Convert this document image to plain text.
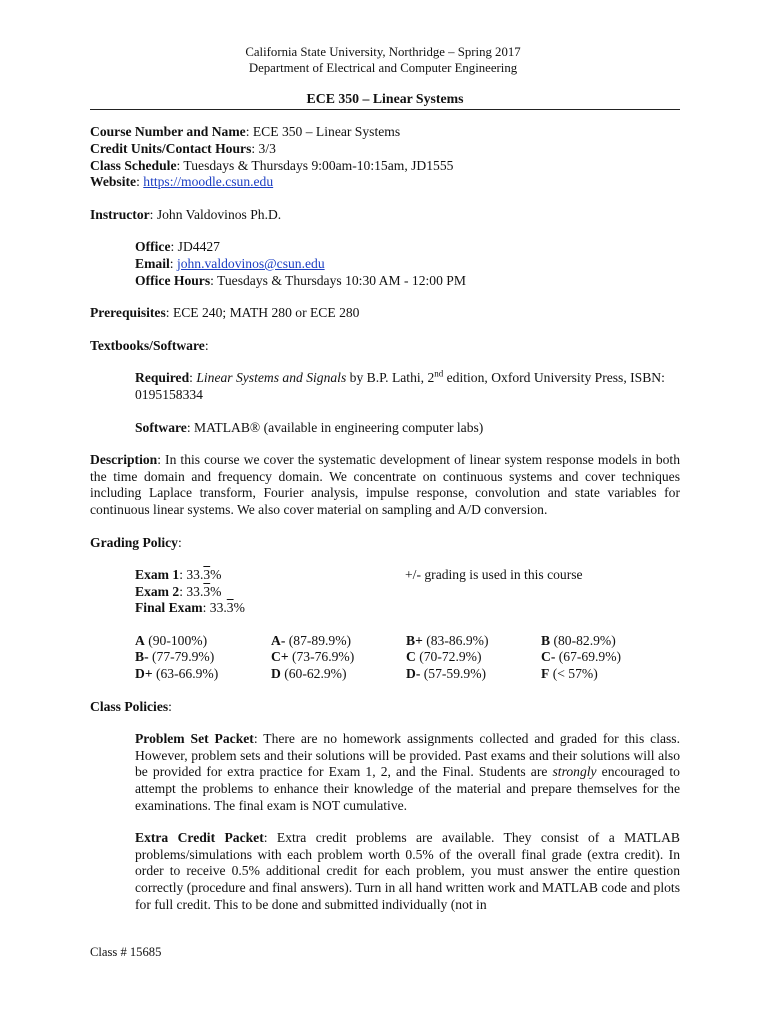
California State University, Northridge – Spring 2017
Department of Electrical and Computer Engineering
ECE 350 – Linear Systems
Course Number and Name: ECE 350 – Linear Systems
Credit Units/Contact Hours: 3/3
Class Schedule: Tuesdays & Thursdays 9:00am-10:15am, JD1555
Website: https://moodle.csun.edu
Instructor: John Valdovinos Ph.D.
Office: JD4427
Email: john.valdovinos@csun.edu
Office Hours: Tuesdays & Thursdays 10:30 AM - 12:00 PM
Prerequisites: ECE 240; MATH 280 or ECE 280
Textbooks/Software:
Required: Linear Systems and Signals by B.P. Lathi, 2nd edition, Oxford University Press, ISBN: 0195158334
Software: MATLAB® (available in engineering computer labs)
Description: In this course we cover the systematic development of linear system response models in both the time domain and frequency domain. We concentrate on continuous systems and cover techniques including Laplace transform, Fourier analysis, impulse response, convolution and state variables for continuous linear systems. We also cover material on sampling and A/D conversion.
Grading Policy:
Exam 1: 33.3%	+/- grading is used in this course
Exam 2: 33.3%
Final Exam: 33.3%
A (90-100%)	A- (87-89.9%)	B+ (83-86.9%)	B (80-82.9%)
B- (77-79.9%)	C+ (73-76.9%)	C (70-72.9%)	C- (67-69.9%)
D+ (63-66.9%)	D (60-62.9%)	D- (57-59.9%)	F (< 57%)
Class Policies:
Problem Set Packet: There are no homework assignments collected and graded for this class. However, problem sets and their solutions will be provided. Past exams and their solutions will also be provided for extra practice for Exam 1, 2, and the Final. Students are strongly encouraged to attempt the problems to enhance their knowledge of the material and prepare themselves for the examinations. The final exam is NOT cumulative.
Extra Credit Packet: Extra credit problems are available. They consist of a MATLAB problems/simulations with each problem worth 0.5% of the overall final grade (extra credit). In order to receive 0.5% additional credit for each problem, you must answer the entire question correctly (procedure and final answers). Turn in all hand written work and MATLAB code and plots for full credit. This to be done and submitted individually (not in
Class # 15685
